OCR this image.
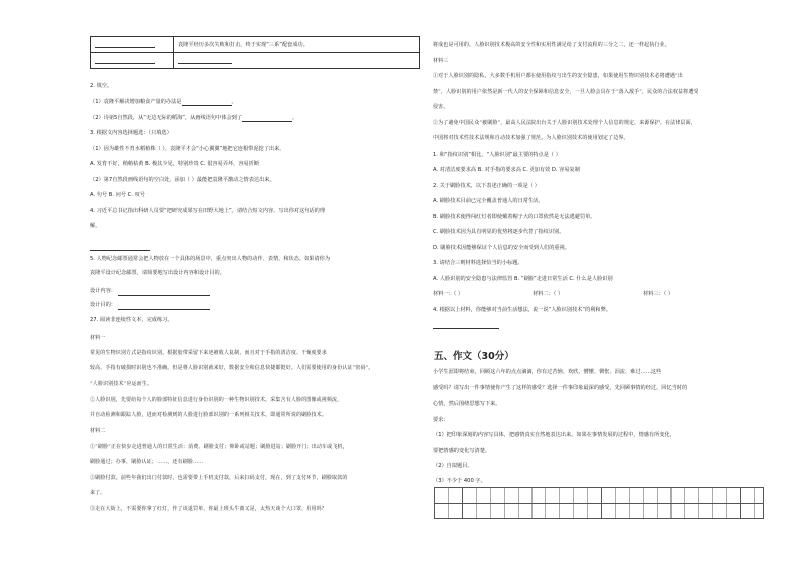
	袁隆平经历多次失败和打击，终于实现“三系”配套成功。

2. 填空。
（1）袁隆平解决增加粮食产量的办法是	。
（2）诗第5自然段，从“无边无际的稻海”，从画线语句中体会到了	。
3. 根据文内容选择题选：（只填选）
（1）因为雄性不育水稻植株（ ），袁隆平才会“小心翼翼”地把它连根带泥挖了出来。
A. 发育不好，稍稍枯黄 B. 极其少见，特别珍贵 C. 很容易弄坏，容易折断
（2）第7自然段画线语句的空白处，添加（ ）最能把袁隆平激动之情表达出来。
A. 句号 B. 问号 C. 叹号
4. 习近平总书记指出科研人员要“把研究成果写在田野大地上”。请结合短文内容，写出你对这句话的理
解。
5. 人物纪念邮票通常会把人物放在一个具体的场景中，重点突出人物的动作、表情、和状态。如果请你为
袁隆平设计纪念邮票，请简要地写出设计内容和设计目的。
设计内容：
设计目的：
27. 阅读非连续性文本，完成练习。
材料一
常见的生物识别方式是指纹识别。根据胶带采留下来迹被收人复制，而且对于手指的清洁度、干燥度要求
较高，手指有破损时识别也不准确。但是将人脸识别就来好，数据安全和信息快捷都挺好。人们需要使用的身份认证“密码”。
“人脸识别技术”应运而生。
②人脸识别，先要给每个人的脸部特征信息进行身份识别的一种生物识别技术。采集含有人脸的图像或视频流，
并自动检测和跟踪人脸，进而对检测到的人脸进行脸部识别的一系列相关技术，即通常所说的刷脸技术。
材料二
①“刷脸”正在快步走进普通人的日常生活：消费、刷脸支付；仰卧或站题；刷脸进站；刷脸开门；出动车或飞机，
刷脸通过；办事，刷脸认证；……，还有刷脸……
②刷脸付款。前些年我们出门付款时，也需要带上手机支付款，后来扫码支付，现在，到了支付环节，刷脸取款的
来了。
③走在大街上，不需要你拿了红灯，作了该退罚单，你最上班头牛离又是，太热天谈个大口罩，用用吗？
将成也是可用的。人脸识别技术极高的安全性和实用性满足给了支付流程的三分之二，还一样起执行业。
材料三
①对于人脸识别的隐私，大多数手机用户都在使用指纹与出生的安全隐患，如果使用生物识别技术必将遭遇“出
禁”，人脸识别的用户依然是新一代人的安全保障和信息安全，一旦人脸会员在于“落入敌手”，民众的合法权益将遭受
侵害。
②为了避免中国民众“被刷脸”，最高人民法院出台关于人脸识别技术处理个人信息的规定，来源保护。在法律层面，
中国将对技术性技术法规和自动技术加强了规范。为人脸识别技术的使用划定了边界。
1. 和“指纹识别”相比，“人脸识别”最主要的特点是（ ）
A. 对清洁度要求高 B. 对手指的要求高 C. 更加有效 D. 容易复制
2. 关于刷脸技术，以下表述正确的一项是（ ）
A. 刷脸技术目前已完全覆盖普通人的日常生活。
B. 刷脸技术使得闯红灯者即使戴着帽子大的口罩依然是无法逃避罚单。
C. 刷脸技术因为具有明显的优势将逐步代替了指纹识别。
D. 刷脸技术因能够保证个人信息的安全而受到人们的重视。
3. 请结合三则材料选择恰当的小标题。
A. 人脸识别的安全隐患与法律监管 B. “刷脸”走进日常生活 C. 什么是人脸识别
材料一：（ ）	材料二：（ ）	材料三：（ ）
4. 根据以上材料，你能够对当前生活想法，说一说“人脸识别技术”的利和弊。
五、作文（30分）
小学生涯即将结束，回顾这六年的点点滴滴，你有过苦恼、欢欣、懵懂、惆怅、泪流、难过……这些
感受吗？请写出一件事情使你产生了这样的感受？选择一件事印象最深的感受，先回顾事情的经过，回忆当时的
心情，然后围绕思想写下来。
要求：
（1）把印象深刻的内容写具体，把感情真实自然地表达出来。如果在事情发展的过程中，情感有所变化，
要把情感的变化写清楚。
（2）自拟题目。
（3）不少于 400 字。
